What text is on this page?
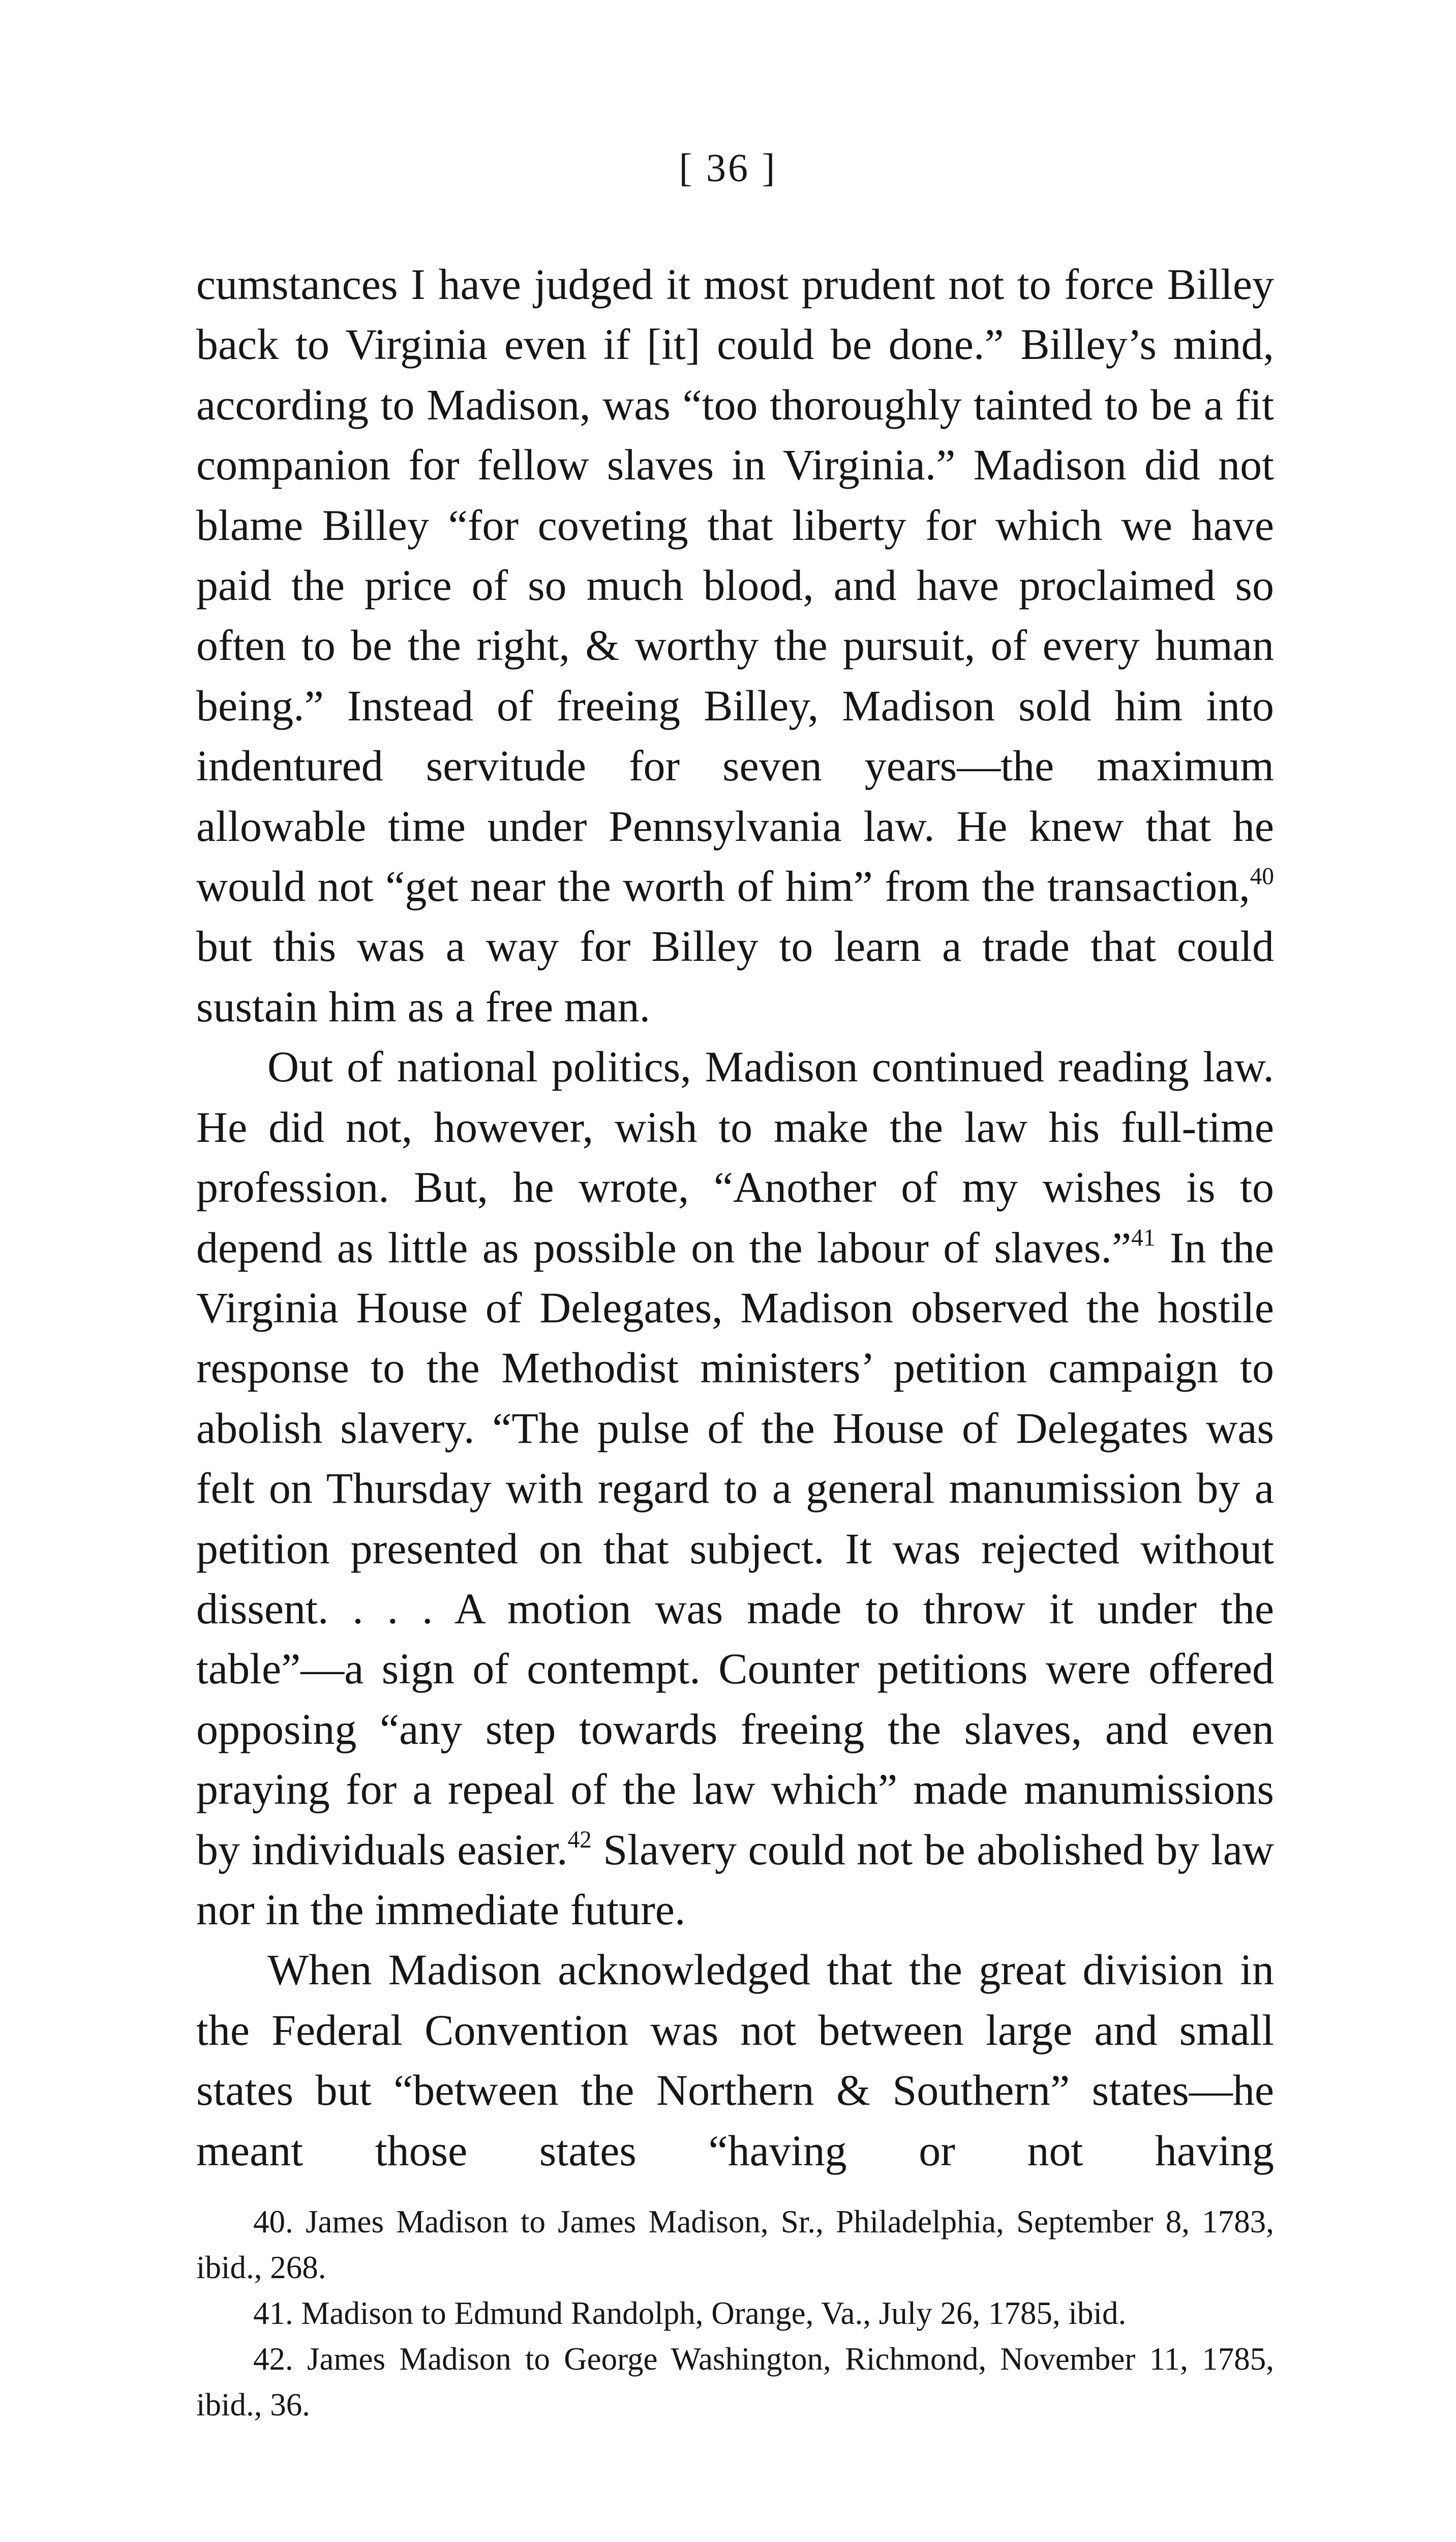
[ 36 ]

cumstances I have judged it most prudent not to force Billey back to Virginia even if [it] could be done.” Billey’s mind, according to Madison, was “too thoroughly tainted to be a fit companion for fellow slaves in Virginia.” Madison did not blame Billey “for coveting that liberty for which we have paid the price of so much blood, and have proclaimed so often to be the right, & worthy the pursuit, of every human being.” Instead of freeing Billey, Madison sold him into indentured servitude for seven years—the maximum allowable time under Pennsylvania law. He knew that he would not “get near the worth of him” from the transaction,$^{40}$ but this was a way for Billey to learn a trade that could sustain him as a free man.

Out of national politics, Madison continued reading law. He did not, however, wish to make the law his full-time profession. But, he wrote, “Another of my wishes is to depend as little as possible on the labour of slaves.”$^{41}$ In the Virginia House of Delegates, Madison observed the hostile response to the Methodist ministers’ petition campaign to abolish slavery. “The pulse of the House of Delegates was felt on Thursday with regard to a general manumission by a petition presented on that subject. It was rejected without dissent. . . . A motion was made to throw it under the table”—a sign of contempt. Counter petitions were offered opposing “any step towards freeing the slaves, and even praying for a repeal of the law which” made manumissions by individuals easier.$^{42}$ Slavery could not be abolished by law nor in the immediate future.

When Madison acknowledged that the great division in the Federal Convention was not between large and small states but “between the Northern & Southern” states—he meant those states “having or not having

40. James Madison to James Madison, Sr., Philadelphia, September 8, 1783, ibid., 268.

41. Madison to Edmund Randolph, Orange, Va., July 26, 1785, ibid.

42. James Madison to George Washington, Richmond, November 11, 1785, ibid., 36.
